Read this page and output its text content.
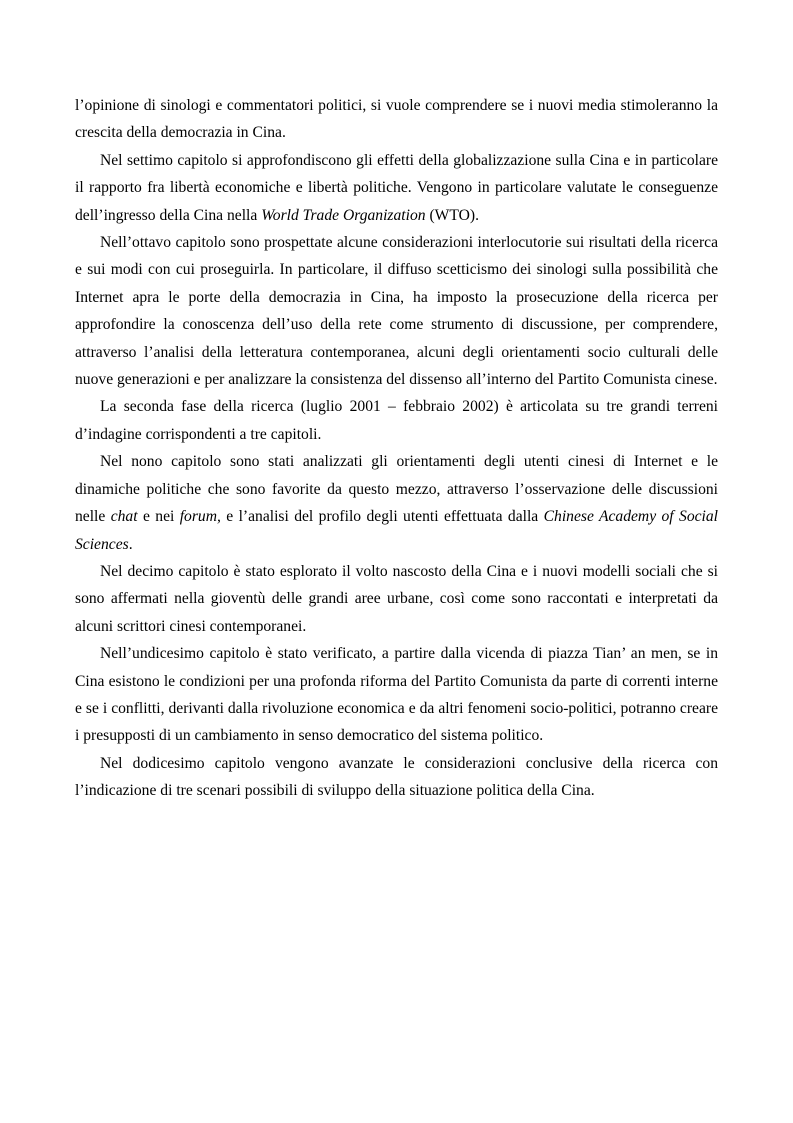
l’opinione di sinologi e commentatori politici, si vuole comprendere se i nuovi media stimoleranno la crescita della democrazia in Cina.

Nel settimo capitolo si approfondiscono gli effetti della globalizzazione sulla Cina e in particolare il rapporto fra libertà economiche e libertà politiche. Vengono in particolare valutate le conseguenze dell’ingresso della Cina nella World Trade Organization (WTO).

Nell’ottavo capitolo sono prospettate alcune considerazioni interlocutorie sui risultati della ricerca e sui modi con cui proseguirla. In particolare, il diffuso scetticismo dei sinologi sulla possibilità che Internet apra le porte della democrazia in Cina, ha imposto la prosecuzione della ricerca per approfondire la conoscenza dell’uso della rete come strumento di discussione, per comprendere, attraverso l’analisi della letteratura contemporanea, alcuni degli orientamenti socio culturali delle nuove generazioni e per analizzare la consistenza del dissenso all’interno del Partito Comunista cinese.

La seconda fase della ricerca (luglio 2001 – febbraio 2002) è articolata su tre grandi terreni d’indagine corrispondenti a tre capitoli.

Nel nono capitolo sono stati analizzati gli orientamenti degli utenti cinesi di Internet e le dinamiche politiche che sono favorite da questo mezzo, attraverso l’osservazione delle discussioni nelle chat e nei forum, e l’analisi del profilo degli utenti effettuata dalla Chinese Academy of Social Sciences.

Nel decimo capitolo è stato esplorato il volto nascosto della Cina e i nuovi modelli sociali che si sono affermati nella gioventù delle grandi aree urbane, così come sono raccontati e interpretati da alcuni scrittori cinesi contemporanei.

Nell’undicesimo capitolo è stato verificato, a partire dalla vicenda di piazza Tian’ an men, se in Cina esistono le condizioni per una profonda riforma del Partito Comunista da parte di correnti interne e se i conflitti, derivanti dalla rivoluzione economica e da altri fenomeni socio-politici, potranno creare i presupposti di un cambiamento in senso democratico del sistema politico.

Nel dodicesimo capitolo vengono avanzate le considerazioni conclusive della ricerca con l’indicazione di tre scenari possibili di sviluppo della situazione politica della Cina.
